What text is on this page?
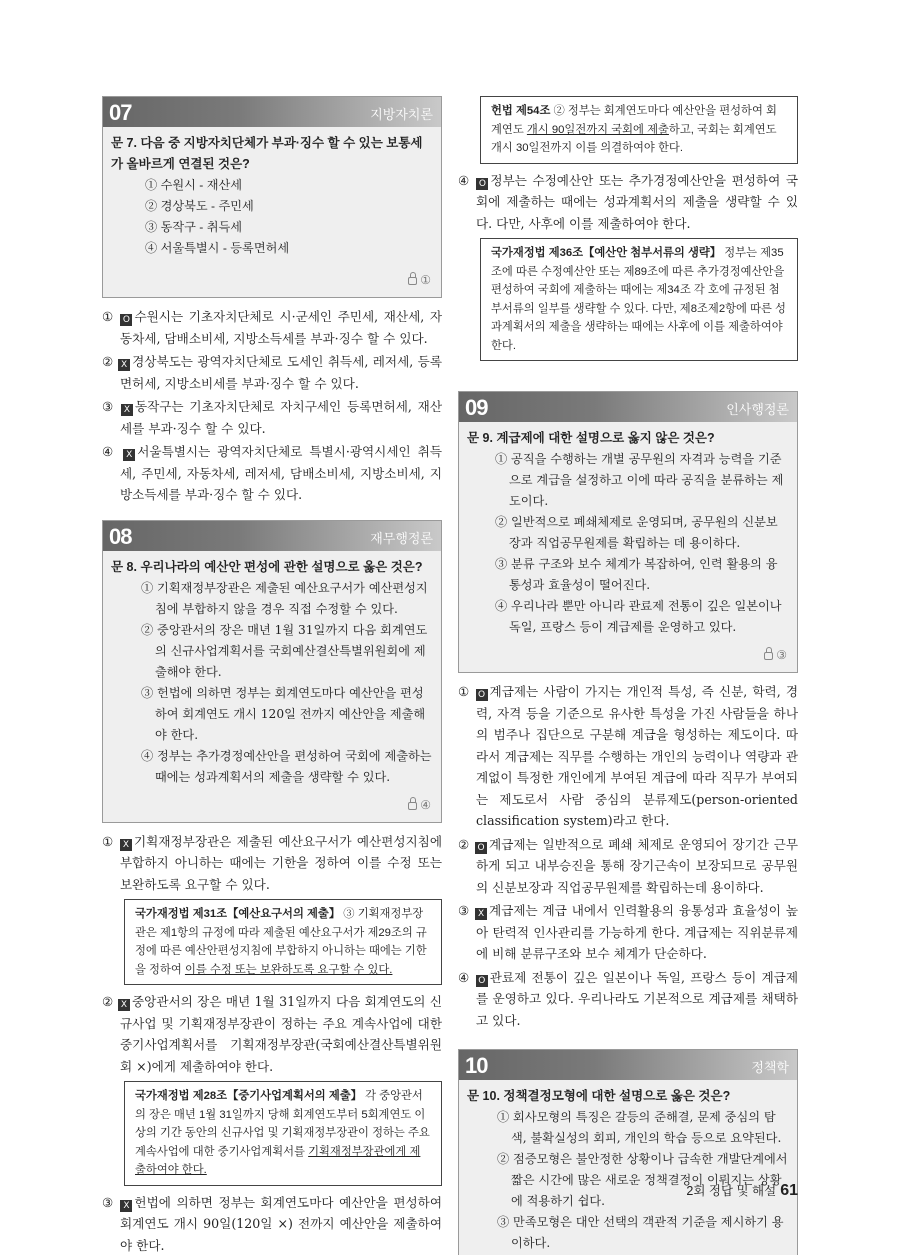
07	지방자치론
문 7. 다음 중 지방자치단체가 부과·징수 할 수 있는 보통세가 올바르게 연결된 것은?
① 수원시 - 재산세
② 경상북도 - 주민세
③ 동작구 - 취득세
④ 서울특별시 - 등록면허세
①
① O 수원시는 기초자치단체로 시·군세인 주민세, 재산세, 자동차세, 담배소비세, 지방소득세를 부과·징수 할 수 있다.
② X 경상북도는 광역자치단체로 도세인 취득세, 레저세, 등록면허세, 지방소비세를 부과·징수 할 수 있다.
③ X 동작구는 기초자치단체로 자치구세인 등록면허세, 재산세를 부과·징수 할 수 있다.
④ X 서울특별시는 광역자치단체로 특별시·광역시세인 취득세, 주민세, 자동차세, 레저세, 담배소비세, 지방소비세, 지방소득세를 부과·징수 할 수 있다.
08	재무행정론
문 8. 우리나라의 예산안 편성에 관한 설명으로 옳은 것은?
① 기획재정부장관은 제출된 예산요구서가 예산편성지침에 부합하지 않을 경우 직접 수정할 수 있다.
② 중앙관서의 장은 매년 1월 31일까지 다음 회계연도의 신규사업계획서를 국회예산결산특별위원회에 제출해야 한다.
③ 헌법에 의하면 정부는 회계연도마다 예산안을 편성하여 회계연도 개시 120일 전까지 예산안을 제출해야 한다.
④ 정부는 추가경정예산안을 편성하여 국회에 제출하는 때에는 성과계획서의 제출을 생략할 수 있다.
④
① X 기획재정부장관은 제출된 예산요구서가 예산편성지침에 부합하지 아니하는 때에는 기한을 정하여 이를 수정 또는 보완하도록 요구할 수 있다.
국가재정법 제31조【예산요구서의 제출】 ③ 기획재정부장관은 제1항의 규정에 따라 제출된 예산요구서가 제29조의 규정에 따른 예산안편성지침에 부합하지 아니하는 때에는 기한을 정하여 이를 수정 또는 보완하도록 요구할 수 있다.
② X 중앙관서의 장은 매년 1월 31일까지 다음 회계연도의 신규사업 및 기획재정부장관이 정하는 주요 계속사업에 대한 중기사업계획서를 기획재정부장관(국회예산결산특별위원회 ×)에게 제출하여야 한다.
국가재정법 제28조【중기사업계획서의 제출】 각 중앙관서의 장은 매년 1월 31일까지 당해 회계연도부터 5회계연도 이상의 기간 동안의 신규사업 및 기획재정부장관이 정하는 주요 계속사업에 대한 중기사업계획서를 기획재정부장관에게 제출하여야 한다.
③ X 헌법에 의하면 정부는 회계연도마다 예산안을 편성하여 회계연도 개시 90일(120일 ×) 전까지 예산안을 제출하여야 한다.
헌법 제54조 ② 정부는 회계연도마다 예산안을 편성하여 회계연도 개시 90일전까지 국회에 제출하고, 국회는 회계연도 개시 30일전까지 이를 의결하여야 한다.
④ O 정부는 수정예산안 또는 추가경정예산안을 편성하여 국회에 제출하는 때에는 성과계획서의 제출을 생략할 수 있다. 다만, 사후에 이를 제출하여야 한다.
국가재정법 제36조【예산안 첨부서류의 생략】 정부는 제35조에 따른 수정예산안 또는 제89조에 따른 추가경정예산안을 편성하여 국회에 제출하는 때에는 제34조 각 호에 규정된 첨부서류의 일부를 생략할 수 있다. 다만, 제8조제2항에 따른 성과계획서의 제출을 생략하는 때에는 사후에 이를 제출하여야 한다.
09	인사행정론
문 9. 계급제에 대한 설명으로 옳지 않은 것은?
① 공직을 수행하는 개별 공무원의 자격과 능력을 기준으로 계급을 설정하고 이에 따라 공직을 분류하는 제도이다.
② 일반적으로 폐쇄체제로 운영되며, 공무원의 신분보장과 직업공무원제를 확립하는 데 용이하다.
③ 분류 구조와 보수 체계가 복잡하여, 인력 활용의 융통성과 효율성이 떨어진다.
④ 우리나라 뿐만 아니라 관료제 전통이 깊은 일본이나 독일, 프랑스 등이 계급제를 운영하고 있다.
③
① O 계급제는 사람이 가지는 개인적 특성, 즉 신분, 학력, 경력, 자격 등을 기준으로 유사한 특성을 가진 사람들을 하나의 범주나 집단으로 구분해 계급을 형성하는 제도이다. 따라서 계급제는 직무를 수행하는 개인의 능력이나 역량과 관계없이 특정한 개인에게 부여된 계급에 따라 직무가 부여되는 제도로서 사람 중심의 분류제도(person-oriented classification system)라고 한다.
② O 계급제는 일반적으로 폐쇄 체제로 운영되어 장기간 근무하게 되고 내부승진을 통해 장기근속이 보장되므로 공무원의 신분보장과 직업공무원제를 확립하는데 용이하다.
③ X 계급제는 계급 내에서 인력활용의 융통성과 효율성이 높아 탄력적 인사관리를 가능하게 한다. 계급제는 직위분류제에 비해 분류구조와 보수 체계가 단순하다.
④ O 관료제 전통이 깊은 일본이나 독일, 프랑스 등이 계급제를 운영하고 있다. 우리나라도 기본적으로 계급제를 채택하고 있다.
10	정책학
문 10. 정책결정모형에 대한 설명으로 옳은 것은?
① 회사모형의 특징은 갈등의 준해결, 문제 중심의 탐색, 불확실성의 회피, 개인의 학습 등으로 요약된다.
② 점증모형은 불안정한 상황이나 급속한 개발단계에서 짧은 시간에 많은 새로운 정책결정이 이뤄지는 상황에 적용하기 쉽다.
③ 만족모형은 대안 선택의 객관적 기준을 제시하기 용이하다.
2회 정답 및 해설 61
